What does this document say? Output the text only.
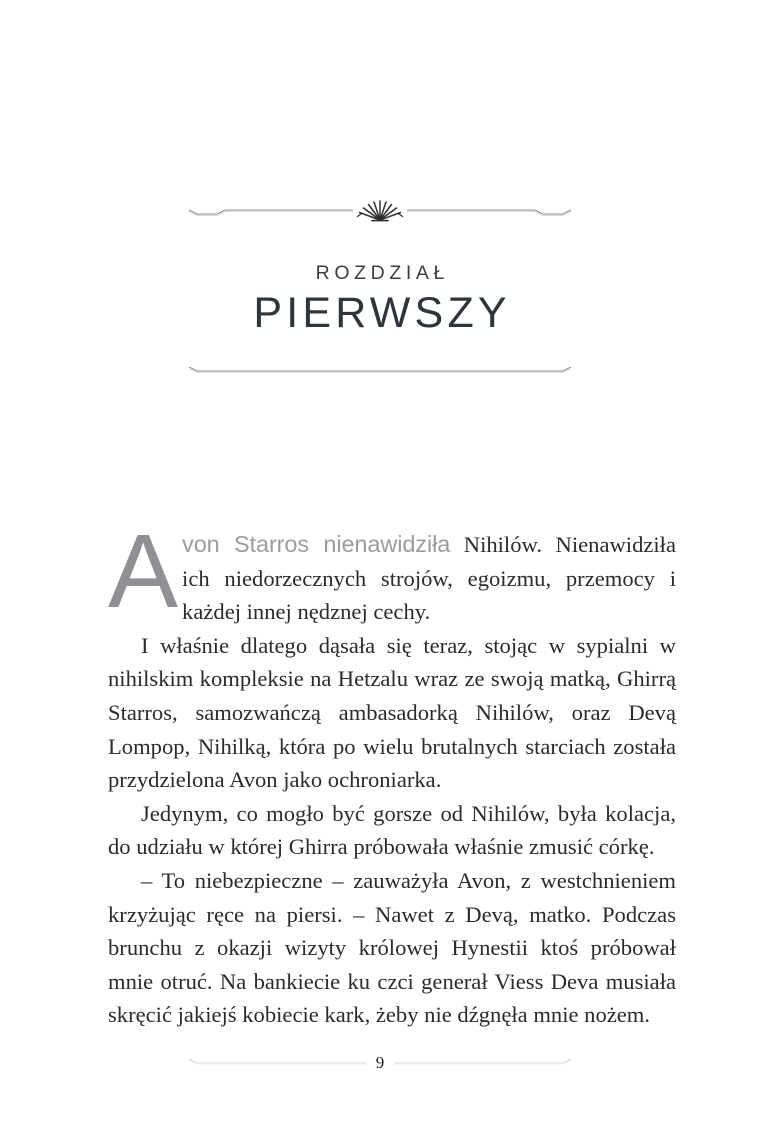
ROZDZIAŁ
PIERWSZY

Avon Starros nienawidziła Nihilów. Nienawidziła ich niedorzecznych strojów, egoizmu, przemocy i każdej innej nędznej cechy.

I właśnie dlatego dąsała się teraz, stojąc w sypialni w nihilskim kompleksie na Hetzalu wraz ze swoją matką, Ghirrą Starros, samozwańczą ambasadorką Nihilów, oraz Devą Lompop, Nihilką, która po wielu brutalnych starciach została przydzielona Avon jako ochroniarka.

Jedynym, co mogło być gorsze od Nihilów, była kolacja, do udziału w której Ghirra próbowała właśnie zmusić córkę.

– To niebezpieczne – zauważyła Avon, z westchnieniem krzyżując ręce na piersi. – Nawet z Devą, matko. Podczas brunchu z okazji wizyty królowej Hynestii ktoś próbował mnie otruć. Na bankiecie ku czci generał Viess Deva musiała skręcić jakiejś kobiecie kark, żeby nie dźgnęła mnie nożem.

9
